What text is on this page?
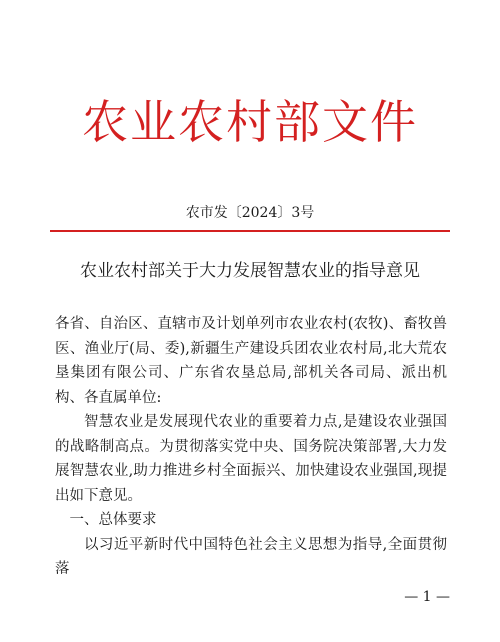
农业农村部文件
农市发〔2024〕3号
农业农村部关于大力发展智慧农业的指导意见

各省、自治区、直辖市及计划单列市农业农村(农牧)、畜牧兽医、渔业厅(局、委),新疆生产建设兵团农业农村局,北大荒农垦集团有限公司、广东省农垦总局,部机关各司局、派出机构、各直属单位:

智慧农业是发展现代农业的重要着力点,是建设农业强国的战略制高点。为贯彻落实党中央、国务院决策部署,大力发展智慧农业,助力推进乡村全面振兴、加快建设农业强国,现提出如下意见。

一、总体要求

以习近平新时代中国特色社会主义思想为指导,全面贯彻落

— 1 —
